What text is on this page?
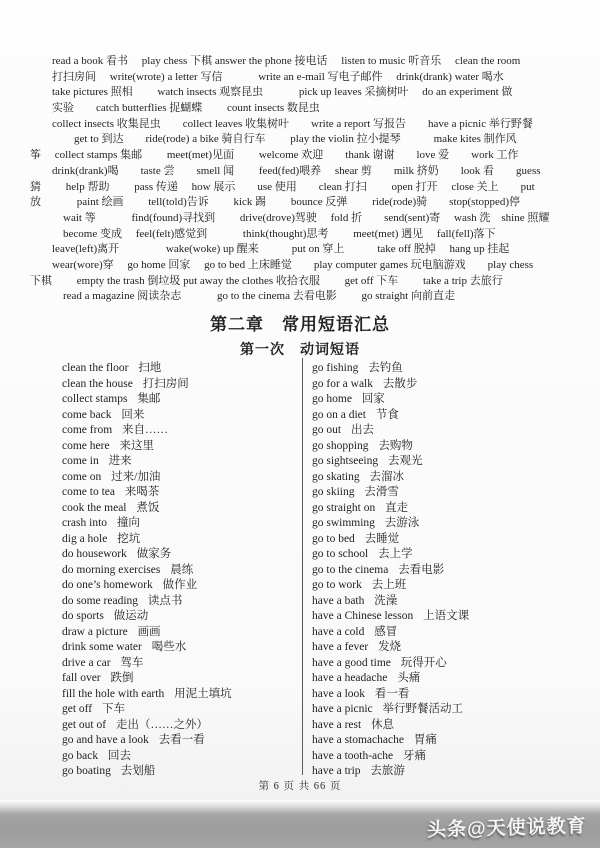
　　read a book 看书　 play chess 下棋 answer the phone 接电话　 listen to music 听音乐　 clean the room
　　打扫房间　 write(wrote) a letter 写信　　　 write an e-mail 写电子邮件　 drink(drank) water 喝水
　　take pictures 照相　　 watch insects 观察昆虫　　　 pick up leaves 采摘树叶　 do an experiment 做
　　实验　　catch butterflies 捉蝴蝶　　 count insects 数昆虫
　　collect insects 收集昆虫　　collect leaves 收集树叶　　write a report 写报告　　have a picnic 举行野餐
　　　　get to 到达　　ride(rode) a bike 骑自行车　　 play the violin 拉小提琴　　　make kites 制作风
筝　 collect stamps 集邮　　 meet(met)见面　　 welcome 欢迎　　thank 谢谢　　love 爱　　work 工作
　　drink(drank)喝　　taste 尝　　smell 闻　　 feed(fed)喂养　 shear 剪　　milk 挤奶　　look 看　　guess
猜　　 help 帮助　　 pass 传递　 how 展示　　use 使用　　clean 打扫　　 open 打开　 close 关上　　put
放　　　 paint 绘画　　 tell(told)告诉　　 kick 踢　　 bounce 反弹　　 ride(rode)骑　　stop(stopped)停
　　　wait 等　　　 find(found)寻找到　　 drive(drove)驾驶　 fold 折　　send(sent)寄　 wash 洗　shine 照耀
　　　become 变成　 feel(felt)感觉到　　　 think(thought)思考　　 meet(met) 遇见　 fall(fell)落下
　　leave(left)离开　　　　 wake(woke) up 醒来　　　put on 穿上　　　take off 脱掉　 hang up 挂起
　　wear(wore)穿　 go home 回家　 go to bed 上床睡觉　　play computer games 玩电脑游戏　　play chess
下棋　　 empty the trash 倒垃圾 put away the clothes 收拾衣服　　 get off 下车　　 take a trip 去旅行
　　　read a magazine 阅读杂志　　　 go to the cinema 去看电影　　 go straight 向前直走
第二章　常用短语汇总
第一次　动词短语
clean the floor 扫地
clean the house 打扫房间
collect stamps 集邮
come back 回来
come from 来自……
come here 来这里
come in 进来
come on 过来/加油
come to tea 来喝茶
cook the meal 煮饭
crash into 撞向
dig a hole 挖坑
do housework 做家务
do morning exercises 晨练
do one’s homework 做作业
do some reading 读点书
do sports 做运动
draw a picture 画画
drink some water 喝些水
drive a car 驾车
fall over 跌倒
fill the hole with earth 用泥土填坑
get off 下车
get out of 走出（……之外）
go and have a look 去看一看
go back 回去
go boating 去划船
go fishing 去钓鱼
go for a walk 去散步
go home 回家
go on a diet 节食
go out 出去
go shopping 去购物
go sightseeing 去观光
go skating 去溜冰
go skiing 去滑雪
go straight on 直走
go swimming 去游泳
go to bed 去睡觉
go to school 去上学
go to the cinema 去看电影
go to work 去上班
have a bath 洗澡
have a Chinese lesson 上语文课
have a cold 感冒
have a fever 发烧
have a good time 玩得开心
have a headache 头痛
have a look 看一看
have a picnic 举行野餐活动工
have a rest 休息
have a stomachache 胃痛
have a tooth-ache 牙痛
have a trip 去旅游
第 6 页 共 66 页
头条@天使说教育
